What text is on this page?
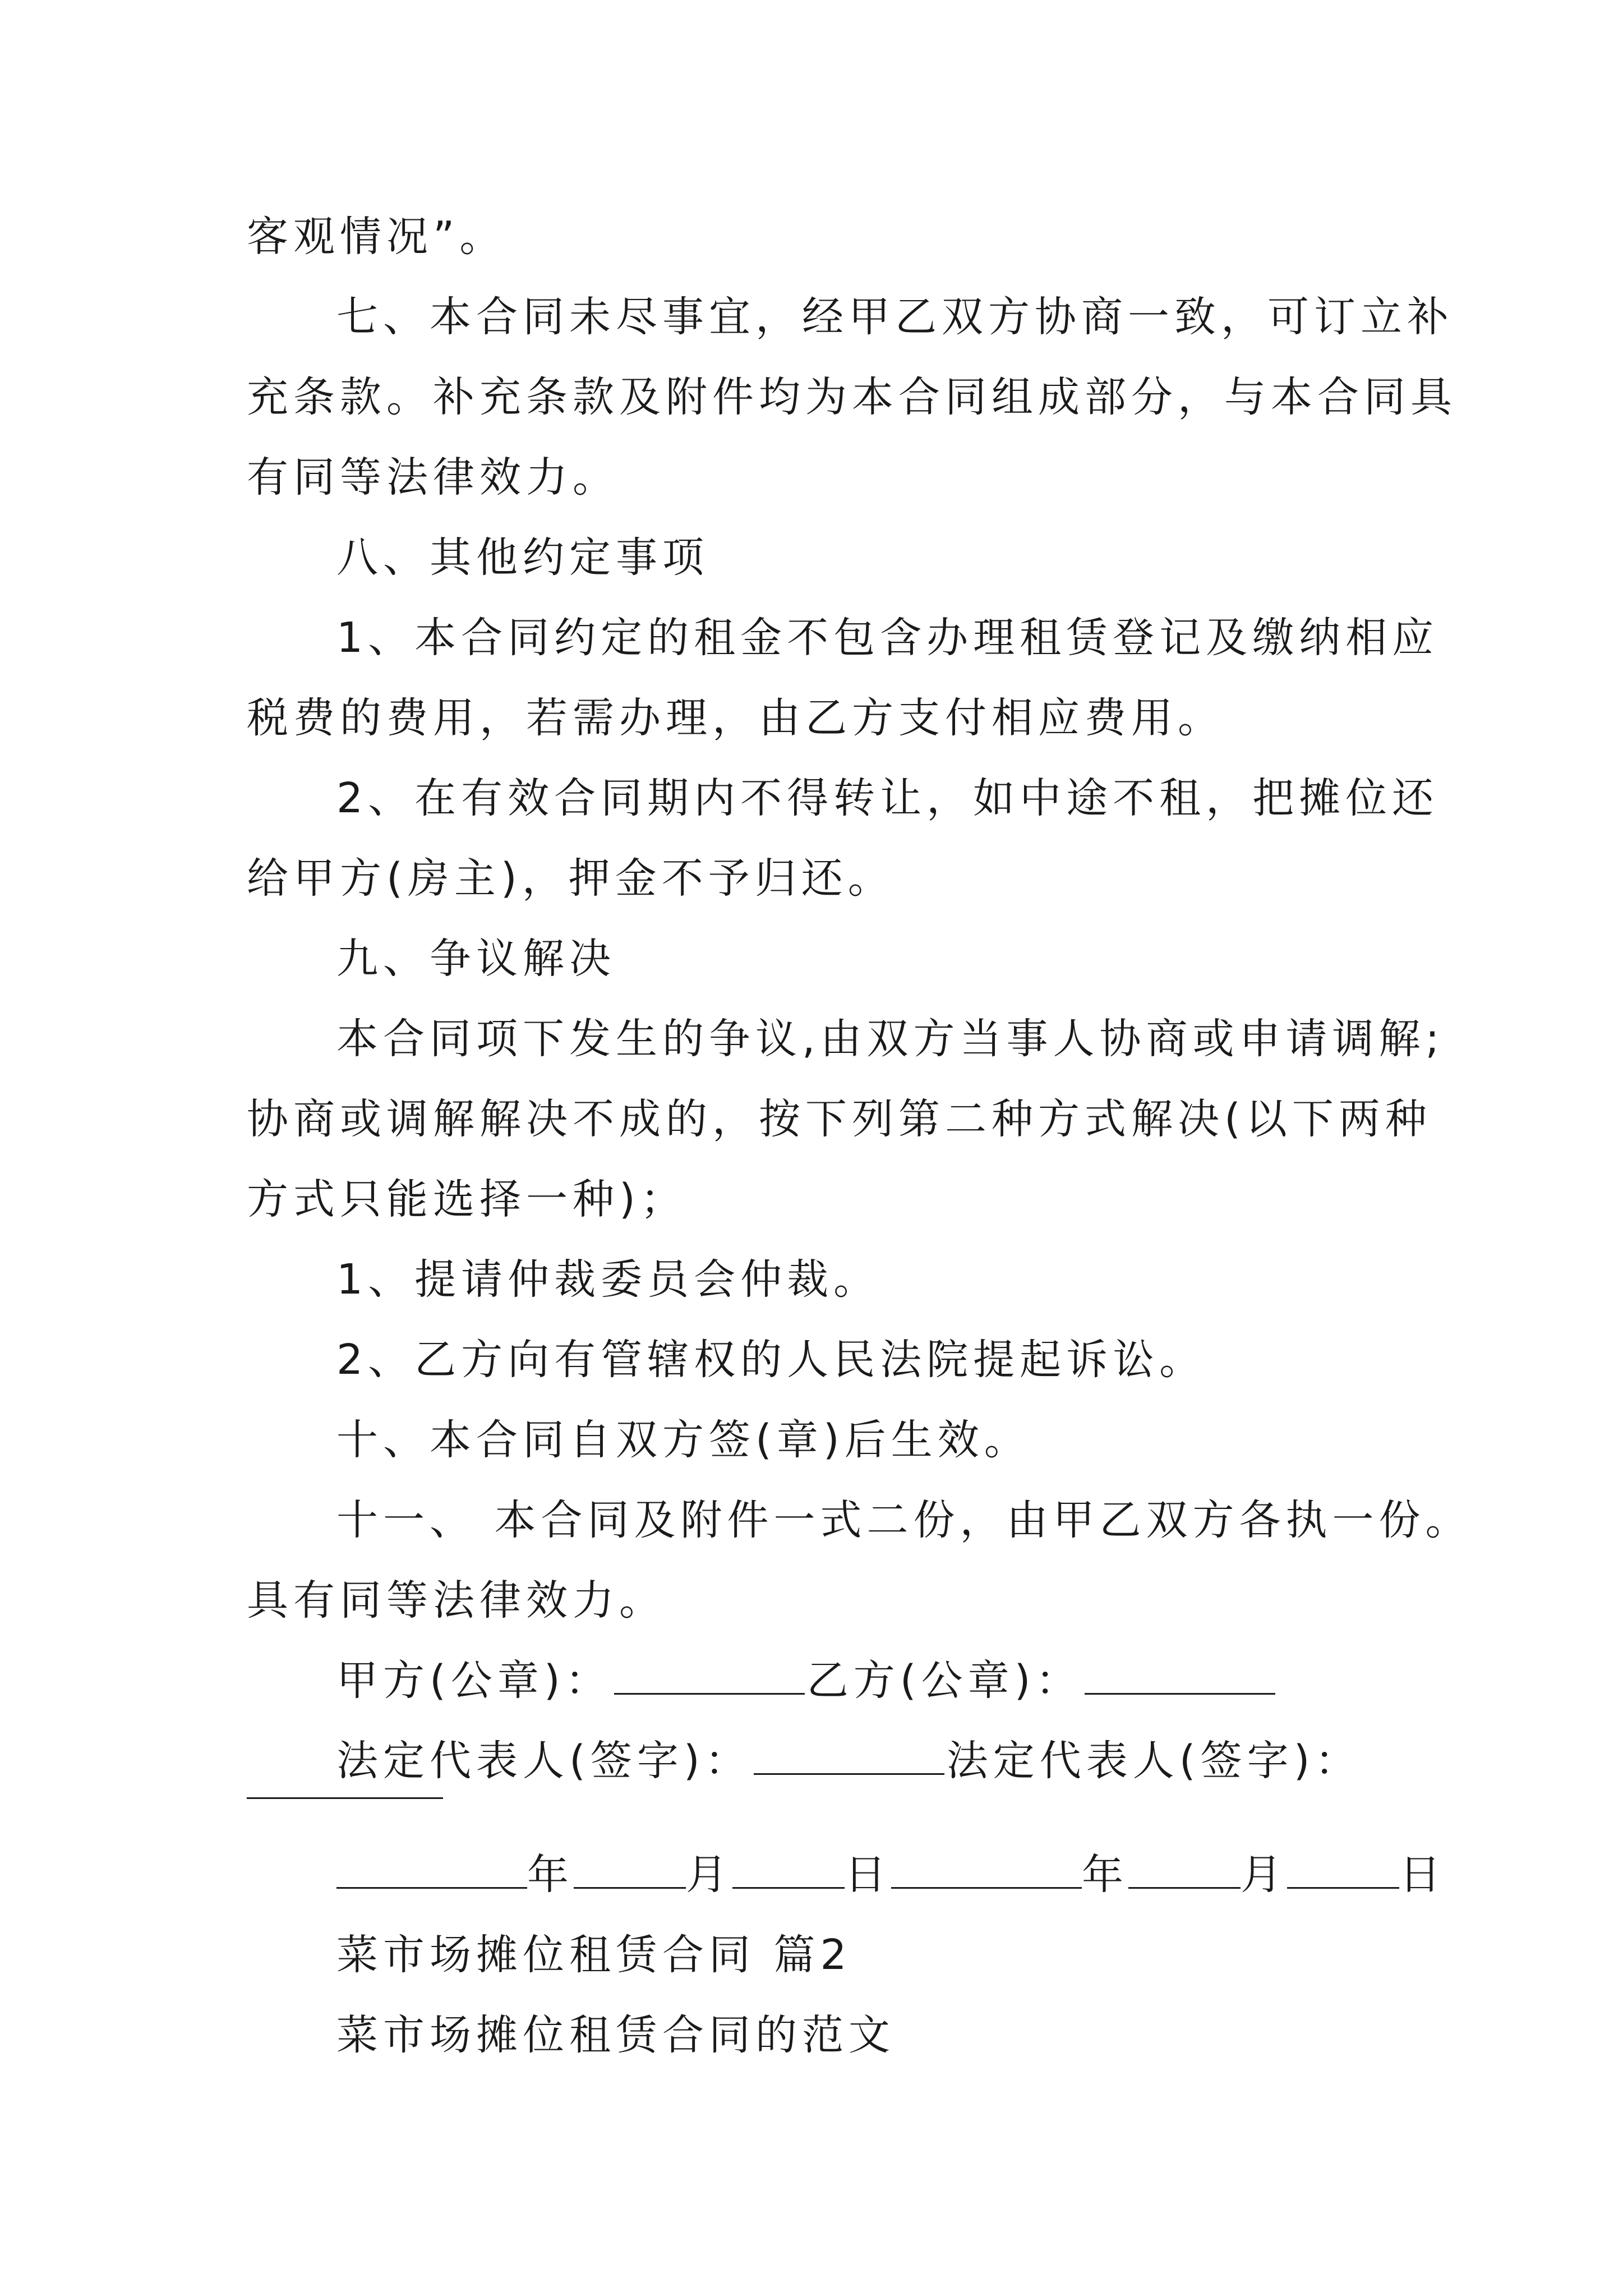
客观情况”。
七、本合同未尽事宜，经甲乙双方协商一致，可订立补
充条款。补充条款及附件均为本合同组成部分，与本合同具
有同等法律效力。
八、其他约定事项
1、本合同约定的租金不包含办理租赁登记及缴纳相应
税费的费用，若需办理，由乙方支付相应费用。
2、在有效合同期内不得转让，如中途不租，把摊位还
给甲方(房主)，押金不予归还。
九、争议解决
本合同项下发生的争议,由双方当事人协商或申请调解;
协商或调解解决不成的，按下列第二种方式解决(以下两种
方式只能选择一种)；
1、提请仲裁委员会仲裁。
2、乙方向有管辖权的人民法院提起诉讼。
十、本合同自双方签(章)后生效。
十一、 本合同及附件一式二份，由甲乙双方各执一份。
具有同等法律效力。
甲方(公章)：	乙方(公章)：
法定代表人(签字)：	法定代表人(签字)：
年	月	日	年	月	日
菜市场摊位租赁合同 篇2
菜市场摊位租赁合同的范文
